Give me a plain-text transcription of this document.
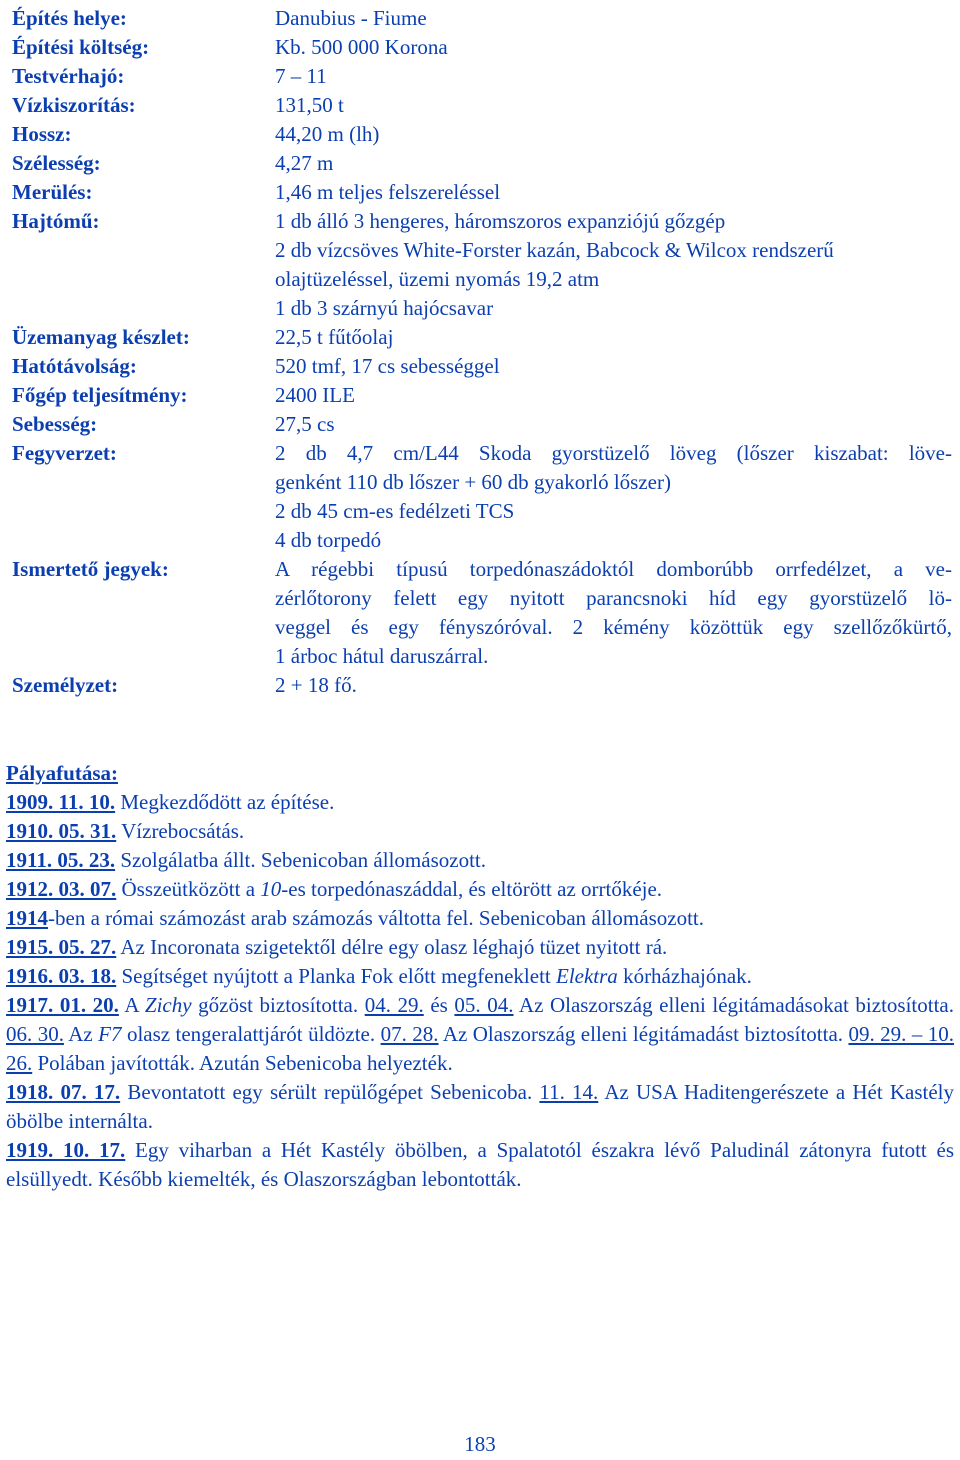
Építés helye:	Danubius - Fiume
Építési költség:	Kb. 500 000 Korona
Testvérhajó:	7 – 11
Vízkiszorítás:	131,50 t
Hossz:	44,20 m (lh)
Szélesség:	4,27 m
Merülés:	1,46 m teljes felszereléssel
Hajtómű:	1 db álló 3 hengeres, háromszoros expanziójú gőzgép
2 db vízcsöves White-Forster kazán, Babcock & Wilcox rendszerű
olajtüzeléssel, üzemi nyomás 19,2 atm
1 db 3 szárnyú hajócsavar
Üzemanyag készlet:	22,5 t fűtőolaj
Hatótávolság:	520 tmf, 17 cs sebességgel
Főgép teljesítmény:	2400 ILE
Sebesség:	27,5 cs
Fegyverzet:	2 db 4,7 cm/L44 Skoda gyorstüzelő löveg (lőszer kiszabat: löve-
genként 110 db lőszer + 60 db gyakorló lőszer)
2 db 45 cm-es fedélzeti TCS
4 db torpedó
Ismertető jegyek:	A régebbi típusú torpedónaszádoktól domborúbb orrfedélzet, a ve-
zérlőtorony felett egy nyitott parancsnoki híd egy gyorstüzelő lö-
veggel és egy fényszóróval. 2 kémény közöttük egy szellőzőkürtő,
1 árboc hátul daruszárral.
Személyzet:	2 + 18 fő.
Pályafutása:
1909. 11. 10. Megkezdődött az építése.
1910. 05. 31. Vízrebocsátás.
1911. 05. 23. Szolgálatba állt. Sebenicoban állomásozott.
1912. 03. 07. Összeütközött a 10-es torpedónaszáddal, és eltörött az orrtőkéje.
1914-ben a római számozást arab számozás váltotta fel. Sebenicoban állomásozott.
1915. 05. 27. Az Incoronata szigetektől délre egy olasz léghajó tüzet nyitott rá.
1916. 03. 18. Segítséget nyújtott a Planka Fok előtt megfeneklett Elektra kórházhajónak.
1917. 01. 20. A Zichy gőzöst biztosította. 04. 29. és 05. 04. Az Olaszország elleni légitámadásokat biztosította. 06. 30. Az F7 olasz tengeralattjárót üldözte. 07. 28. Az Olaszország elleni légitámadást biztosította. 09. 29. – 10. 26. Polában javították. Azután Sebenicoba helyezték.
1918. 07. 17. Bevontatott egy sérült repülőgépet Sebenicoba. 11. 14. Az USA Haditengerészete a Hét Kastély öbölbe internálta.
1919. 10. 17. Egy viharban a Hét Kastély öbölben, a Spalatotól északra lévő Paludinál zátonyra futott és elsüllyedt. Később kiemelték, és Olaszországban lebontották.
183
